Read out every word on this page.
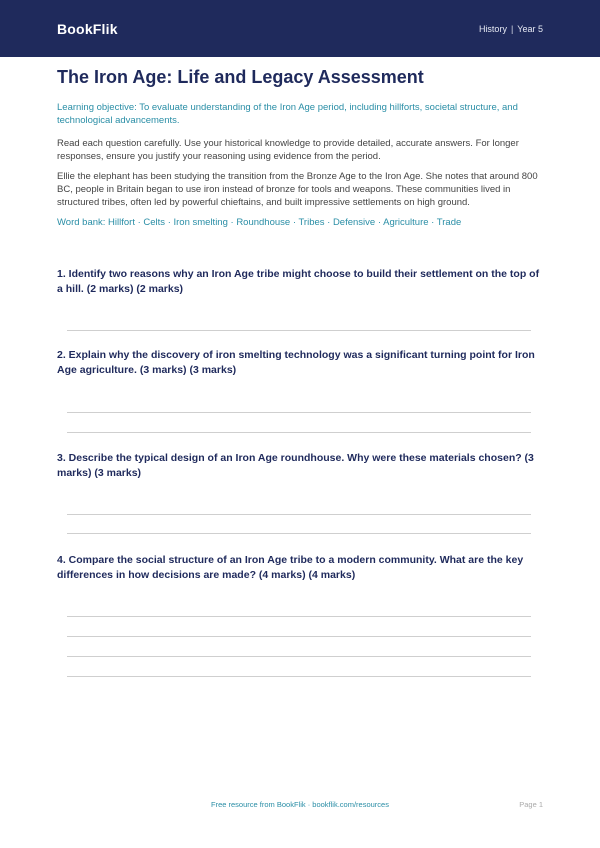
BookFlik	History | Year 5
The Iron Age: Life and Legacy Assessment

Learning objective: To evaluate understanding of the Iron Age period, including hillforts, societal structure, and technological advancements.

Read each question carefully. Use your historical knowledge to provide detailed, accurate answers. For longer responses, ensure you justify your reasoning using evidence from the period.

Ellie the elephant has been studying the transition from the Bronze Age to the Iron Age. She notes that around 800 BC, people in Britain began to use iron instead of bronze for tools and weapons. These communities lived in structured tribes, often led by powerful chieftains, and built impressive settlements on high ground.

Word bank: Hillfort · Celts · Iron smelting · Roundhouse · Tribes · Defensive · Agriculture · Trade

1. Identify two reasons why an Iron Age tribe might choose to build their settlement on the top of a hill. (2 marks) (2 marks)

2. Explain why the discovery of iron smelting technology was a significant turning point for Iron Age agriculture. (3 marks) (3 marks)

3. Describe the typical design of an Iron Age roundhouse. Why were these materials chosen? (3 marks) (3 marks)

4. Compare the social structure of an Iron Age tribe to a modern community. What are the key differences in how decisions are made? (4 marks) (4 marks)

Free resource from BookFlik · bookflik.com/resources	Page 1
